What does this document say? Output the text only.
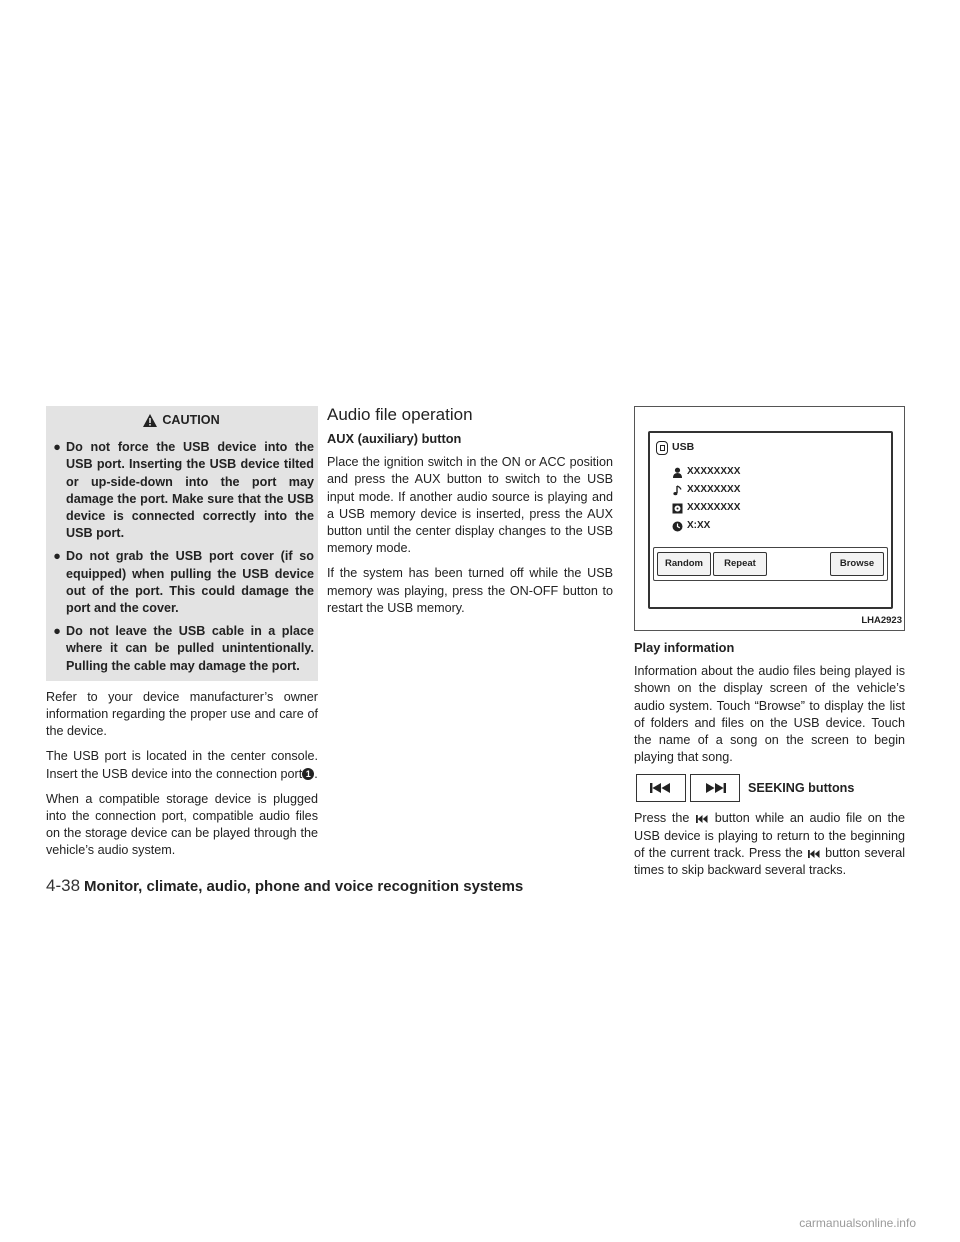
CAUTION
● Do not force the USB device into the USB port. Inserting the USB device tilted or up-side-down into the port may damage the port. Make sure that the USB device is connected correctly into the USB port.
● Do not grab the USB port cover (if so equipped) when pulling the USB device out of the port. This could damage the port and the cover.
● Do not leave the USB cable in a place where it can be pulled unintentionally. Pulling the cable may damage the port.

Refer to your device manufacturer’s owner information regarding the proper use and care of the device.

The USB port is located in the center console. Insert the USB device into the connection port 1 .

When a compatible storage device is plugged into the connection port, compatible audio files on the storage device can be played through the vehicle’s audio system.

Audio file operation
AUX (auxiliary) button

Place the ignition switch in the ON or ACC position and press the AUX button to switch to the USB input mode. If another audio source is playing and a USB memory device is inserted, press the AUX button until the center display changes to the USB memory mode.

If the system has been turned off while the USB memory was playing, press the ON-OFF button to restart the USB memory.

USB
XXXXXXXX
XXXXXXXX
XXXXXXXX
X:XX
Random	Repeat	Browse
LHA2923
Play information

Information about the audio files being played is shown on the display screen of the vehicle’s audio system. Touch “Browse” to display the list of folders and files on the USB device. Touch the name of a song on the screen to begin playing that song.

SEEKING buttons

Press the button while an audio file on the USB device is playing to return to the beginning of the current track. Press the button several times to skip backward several tracks.

4-38 Monitor, climate, audio, phone and voice recognition systems
carmanualsonline.info
